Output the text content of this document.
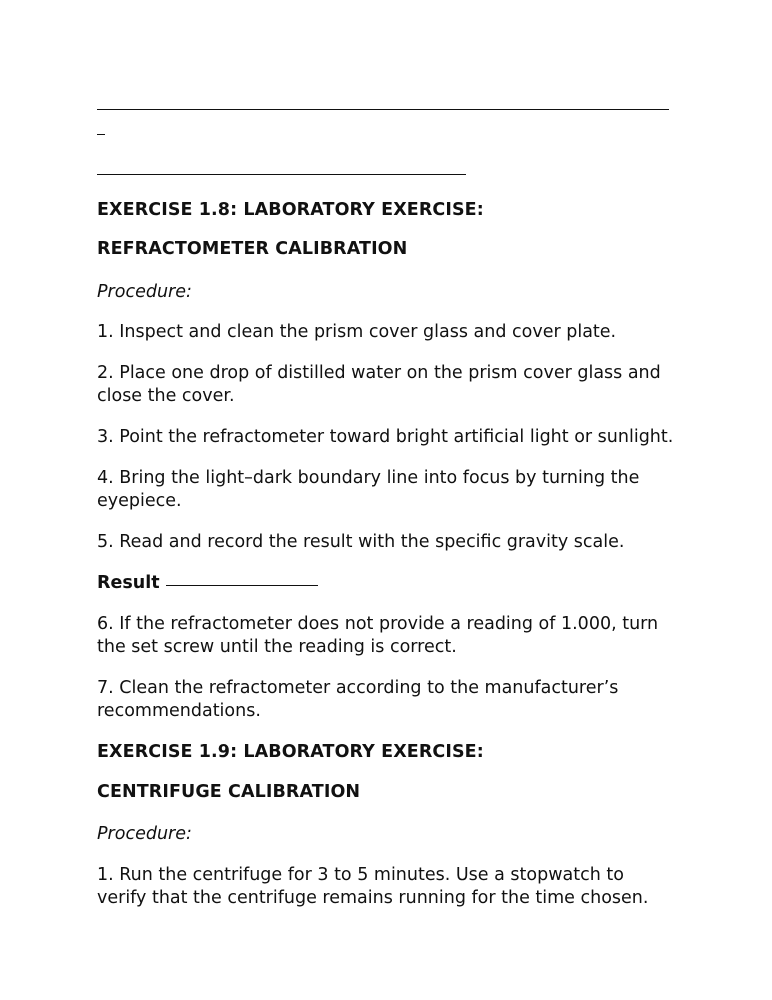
EXERCISE 1.8: LABORATORY EXERCISE:
REFRACTOMETER CALIBRATION
Procedure:
1. Inspect and clean the prism cover glass and cover plate.
2. Place one drop of distilled water on the prism cover glass and close the cover.
3. Point the refractometer toward bright artificial light or sunlight.
4. Bring the light–dark boundary line into focus by turning the eyepiece.
5. Read and record the result with the specific gravity scale.
Result
6. If the refractometer does not provide a reading of 1.000, turn the set screw until the reading is correct.
7. Clean the refractometer according to the manufacturer’s recommendations.
EXERCISE 1.9: LABORATORY EXERCISE:
CENTRIFUGE CALIBRATION
Procedure:
1. Run the centrifuge for 3 to 5 minutes. Use a stopwatch to verify that the centrifuge remains running for the time chosen.
